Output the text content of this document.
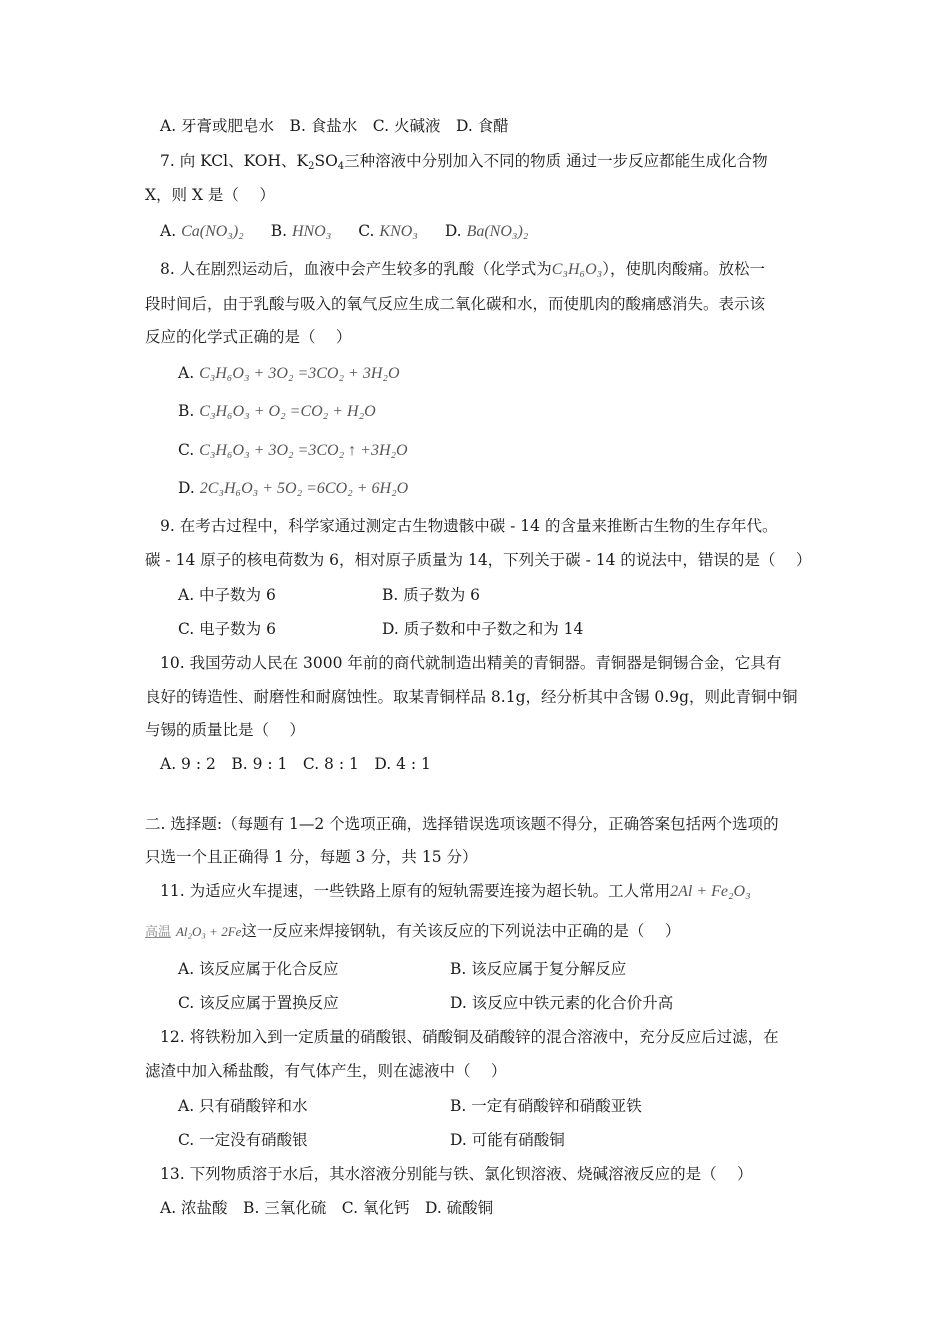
A. 牙膏或肥皂水　B. 食盐水　C. 火碱液　D. 食醋
7. 向 KCl、KOH、$K_2SO_4$三种溶液中分别加入不同的物质 通过一步反应都能生成化合物
X，则 X 是（　 ）
A. Ca(NO₃)₂ B. HNO₃ C. KNO₃ D. Ba(NO₃)₂
8. 人在剧烈运动后，血液中会产生较多的乳酸（化学式为C₃H₆O₃），使肌肉酸痛。放松一
段时间后，由于乳酸与吸入的氧气反应生成二氧化碳和水，而使肌肉的酸痛感消失。表示该
反应的化学式正确的是（　 ）
A. C₃H₆O₃ + 3O₂ =3CO₂ + 3H₂O
B. C₃H₆O₃ + O₂ =CO₂ + H₂O
C. C₃H₆O₃ + 3O₂ =3CO₂ ↑ +3H₂O
D. 2C₃H₆O₃ + 5O₂ =6CO₂ + 6H₂O
9. 在考古过程中，科学家通过测定古生物遗骸中碳 - 14 的含量来推断古生物的生存年代。
碳 - 14 原子的核电荷数为 6，相对原子质量为 14，下列关于碳 - 14 的说法中，错误的是（　 ）
A. 中子数为 6	B. 质子数为 6
C. 电子数为 6	D. 质子数和中子数之和为 14
10. 我国劳动人民在 3000 年前的商代就制造出精美的青铜器。青铜器是铜锡合金，它具有
良好的铸造性、耐磨性和耐腐蚀性。取某青铜样品 8.1g，经分析其中含锡 0.9g，则此青铜中铜
与锡的质量比是（　 ）
A. 9 : 2　B. 9 : 1　C. 8 : 1　D. 4 : 1
二. 选择题:（每题有 1—2 个选项正确，选择错误选项该题不得分，正确答案包括两个选项的
只选一个且正确得 1 分，每题 3 分，共 15 分）
11. 为适应火车提速，一些铁路上原有的短轨需要连接为超长轨。工人常用2Al + Fe₂O₃
高温 Al₂O₃ + 2Fe这一反应来焊接钢轨，有关该反应的下列说法中正确的是（　 ）
A. 该反应属于化合反应	B. 该反应属于复分解反应
C. 该反应属于置换反应	D. 该反应中铁元素的化合价升高
12. 将铁粉加入到一定质量的硝酸银、硝酸铜及硝酸锌的混合溶液中，充分反应后过滤，在
滤渣中加入稀盐酸，有气体产生，则在滤液中（　 ）
A. 只有硝酸锌和水	B. 一定有硝酸锌和硝酸亚铁
C. 一定没有硝酸银	D. 可能有硝酸铜
13. 下列物质溶于水后，其水溶液分别能与铁、氯化钡溶液、烧碱溶液反应的是（　 ）
A. 浓盐酸　B. 三氧化硫　C. 氧化钙　D. 硫酸铜
